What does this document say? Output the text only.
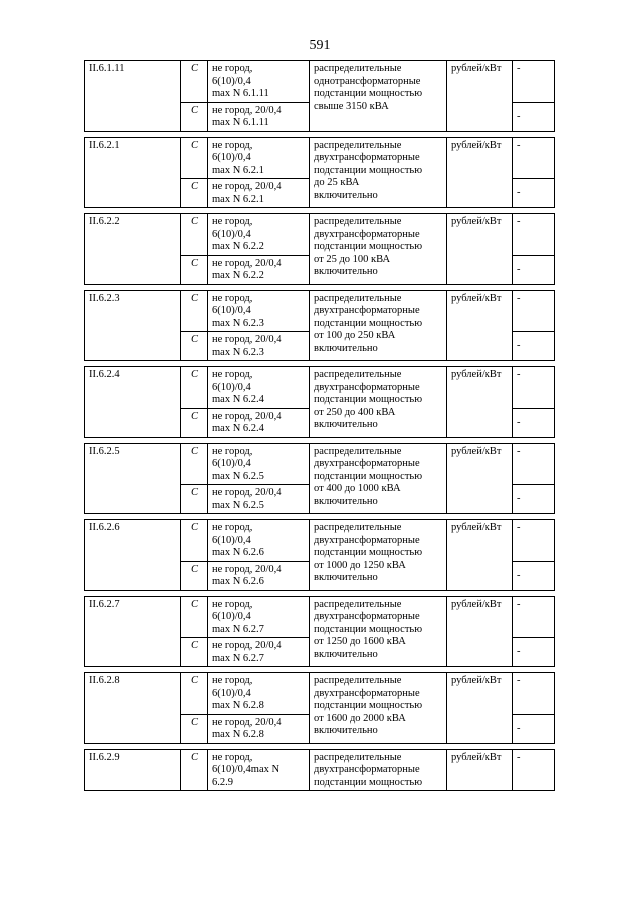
591
II.6.1.11	С	не город,
6(10)/0,4
max N 6.1.11	распределительные
однотрансформаторные
подстанции мощностью
свыше 3150 кВА	рублей/кВт	-
	С	не город, 20/0,4
max N 6.1.11			-

II.6.2.1	С	не город,
6(10)/0,4
max N 6.2.1	распределительные
двухтрансформаторные
подстанции мощностью
до 25 кВА
включительно	рублей/кВт	-
	С	не город, 20/0,4
max N 6.2.1			-

II.6.2.2	С	не город,
6(10)/0,4
max N 6.2.2	распределительные
двухтрансформаторные
подстанции мощностью
от 25 до 100 кВА
включительно	рублей/кВт	-
	С	не город, 20/0,4
max N 6.2.2			-

II.6.2.3	С	не город,
6(10)/0,4
max N 6.2.3	распределительные
двухтрансформаторные
подстанции мощностью
от 100 до 250 кВА
включительно	рублей/кВт	-
	С	не город, 20/0,4
max N 6.2.3			-

II.6.2.4	С	не город,
6(10)/0,4
max N 6.2.4	распределительные
двухтрансформаторные
подстанции мощностью
от 250 до 400 кВА
включительно	рублей/кВт	-
	С	не город, 20/0,4
max N 6.2.4			-

II.6.2.5	С	не город,
6(10)/0,4
max N 6.2.5	распределительные
двухтрансформаторные
подстанции мощностью
от 400 до 1000 кВА
включительно	рублей/кВт	-
	С	не город, 20/0,4
max N 6.2.5			-

II.6.2.6	С	не город,
6(10)/0,4
max N 6.2.6	распределительные
двухтрансформаторные
подстанции мощностью
от 1000 до 1250 кВА
включительно	рублей/кВт	-
	С	не город, 20/0,4
max N 6.2.6			-

II.6.2.7	С	не город,
6(10)/0,4
max N 6.2.7	распределительные
двухтрансформаторные
подстанции мощностью
от 1250 до 1600 кВА
включительно	рублей/кВт	-
	С	не город, 20/0,4
max N 6.2.7			-

II.6.2.8	С	не город,
6(10)/0,4
max N 6.2.8	распределительные
двухтрансформаторные
подстанции мощностью
от 1600 до 2000 кВА
включительно	рублей/кВт	-
	С	не город, 20/0,4
max N 6.2.8			-

II.6.2.9	С	не город,
6(10)/0,4max N
6.2.9	распределительные
двухтрансформаторные
подстанции мощностью	рублей/кВт	-
